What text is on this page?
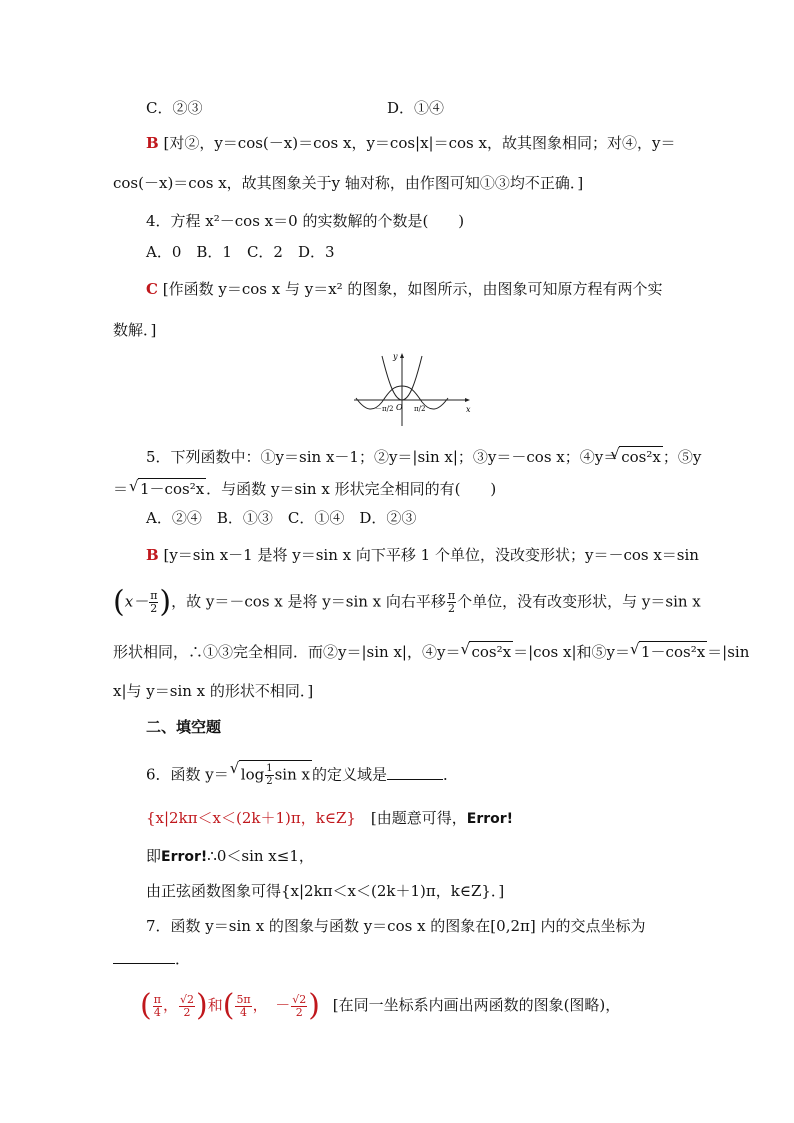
C．②③	D．①④
B [对②，y＝cos(－x)＝cos x，y＝cos|x|＝cos x，故其图象相同；对④，y＝
cos(－x)＝cos x，故其图象关于y 轴对称，由作图可知①③均不正确．]
4．方程 x²－cos x＝0 的实数解的个数是(　　)
A．0　B．1　C．2　D．3
C [作函数 y＝cos x 与 y＝x² 的图象，如图所示，由图象可知原方程有两个实
数解．]
y
x
O
－π/2	π/2
5．下列函数中：①y＝sin x－1；②y＝|sin x|；③y＝－cos x；④y＝ √ cos²x ；⑤y
＝ √ 1－cos²x ．与函数 y＝sin x 形状完全相同的有(　　)
A．②④　B．①③　C．①④　D．②③
B [y＝sin x－1 是将 y＝sin x 向下平移 1 个单位，没改变形状；y＝－cos x＝sin
($x- \frac{\pi}{2}$ )，故 y＝－cos x 是将 y＝sin x 向右平移 $\frac{\pi}{2}$ 个单位，没有改变形状，与 y＝sin x
形状相同，∴①③完全相同．而②y＝|sin x|，④y＝ √ cos²x ＝|cos x|和⑤y＝ √ 1－cos²x ＝|sin
x|与 y＝sin x 的形状不相同．]
二、填空题
6．函数 y＝ √ $\log \frac{1}{2}$ sin x 的定义域是	．
{x|2kπ＜x＜(2k＋1)π，k∈Z}　 [由题意可得，Error!
即Error!∴0＜sin x≤1，
由正弦函数图象可得{x|2kπ＜x＜(2k＋1)π，k∈Z}．]
7．函数 y＝sin x 的图象与函数 y＝cos x 的图象在[0,2π] 内的交点坐标为
．
( $\frac{\pi}{4}$ ， $\frac{√2}{2}$ )和( $\frac{5\pi}{4}$ ，　－ $\frac{√2}{2}$ ) [在同一坐标系内画出两函数的图象(图略)，
